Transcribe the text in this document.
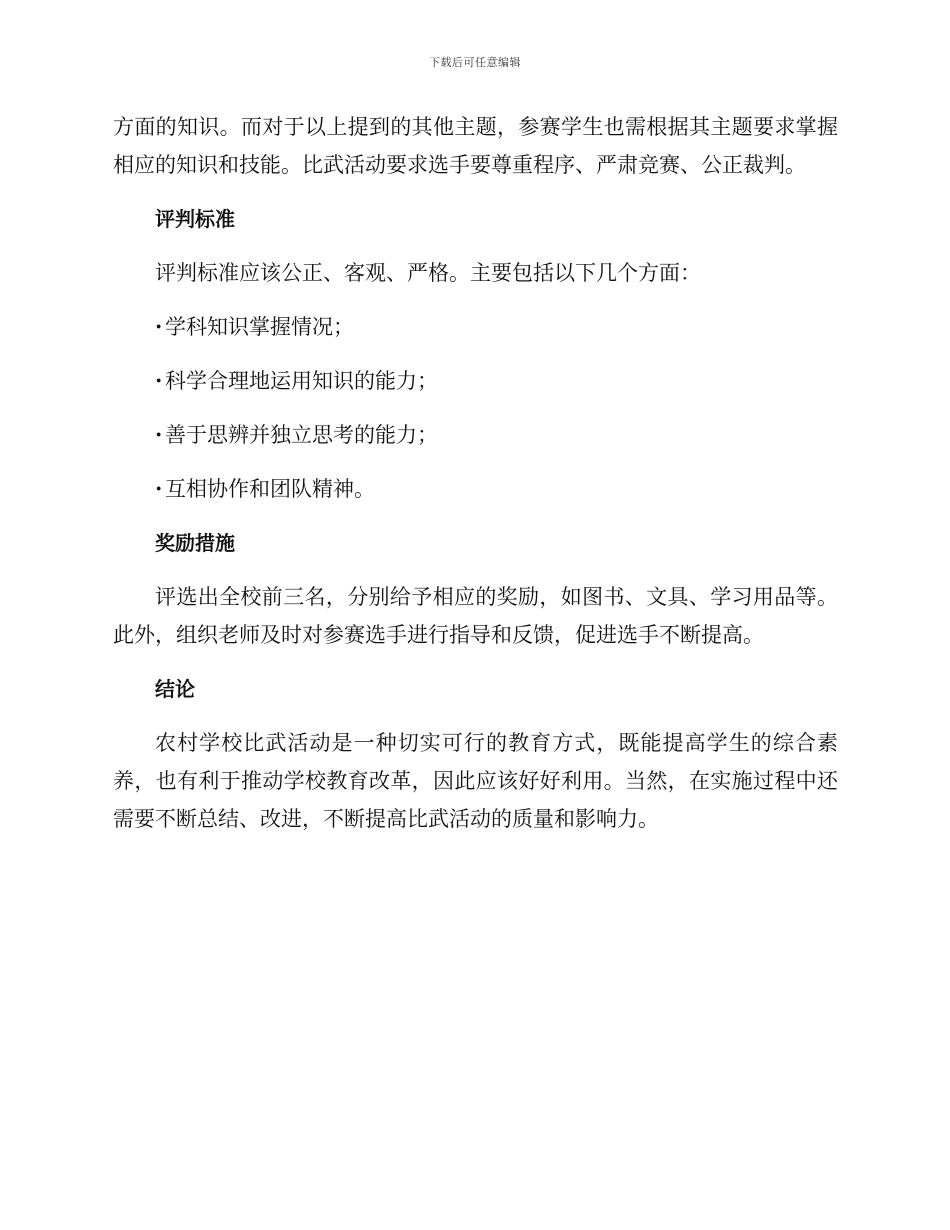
下载后可任意编辑

方面的知识。而对于以上提到的其他主题，参赛学生也需根据其主题要求掌握相应的知识和技能。比武活动要求选手要尊重程序、严肃竞赛、公正裁判。

评判标准

评判标准应该公正、客观、严格。主要包括以下几个方面：

· 学科知识掌握情况；
· 科学合理地运用知识的能力；
· 善于思辨并独立思考的能力；
· 互相协作和团队精神。
奖励措施

评选出全校前三名，分别给予相应的奖励，如图书、文具、学习用品等。此外，组织老师及时对参赛选手进行指导和反馈，促进选手不断提高。

结论

农村学校比武活动是一种切实可行的教育方式，既能提高学生的综合素养，也有利于推动学校教育改革，因此应该好好利用。当然，在实施过程中还需要不断总结、改进，不断提高比武活动的质量和影响力。
